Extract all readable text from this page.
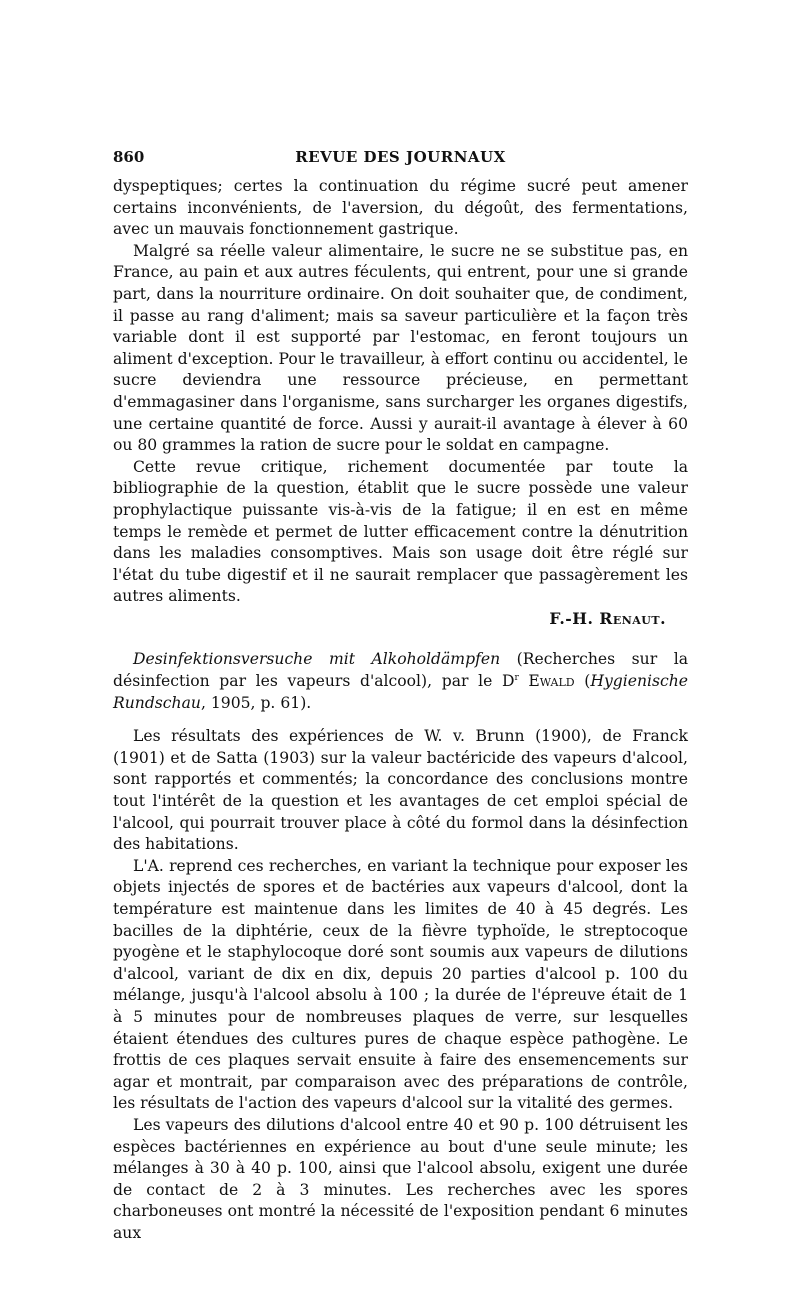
860	REVUE DES JOURNAUX

dyspeptiques; certes la continuation du régime sucré peut amener certains inconvénients, de l'aversion, du dégoût, des fermentations, avec un mauvais fonctionnement gastrique.

Malgré sa réelle valeur alimentaire, le sucre ne se substitue pas, en France, au pain et aux autres féculents, qui entrent, pour une si grande part, dans la nourriture ordinaire. On doit souhaiter que, de condiment, il passe au rang d'aliment; mais sa saveur particulière et la façon très variable dont il est supporté par l'estomac, en feront toujours un aliment d'exception. Pour le travailleur, à effort continu ou accidentel, le sucre deviendra une ressource précieuse, en permettant d'emmagasiner dans l'organisme, sans surcharger les organes digestifs, une certaine quantité de force. Aussi y aurait-il avantage à élever à 60 ou 80 grammes la ration de sucre pour le soldat en campagne.

Cette revue critique, richement documentée par toute la bibliographie de la question, établit que le sucre possède une valeur prophylactique puissante vis-à-vis de la fatigue; il en est en même temps le remède et permet de lutter efficacement contre la dénutrition dans les maladies consomptives. Mais son usage doit être réglé sur l'état du tube digestif et il ne saurait remplacer que passagèrement les autres aliments.

F.-H. Renaut.

Desinfektionsversuche mit Alkoholdämpfen (Recherches sur la désinfection par les vapeurs d'alcool), par le $D^r$ Ewald (Hygienische Rundschau, 1905, p. 61).

Les résultats des expériences de W. v. Brunn (1900), de Franck (1901) et de Satta (1903) sur la valeur bactéricide des vapeurs d'alcool, sont rapportés et commentés; la concordance des conclusions montre tout l'intérêt de la question et les avantages de cet emploi spécial de l'alcool, qui pourrait trouver place à côté du formol dans la désinfection des habitations.

L'A. reprend ces recherches, en variant la technique pour exposer les objets injectés de spores et de bactéries aux vapeurs d'alcool, dont la température est maintenue dans les limites de 40 à 45 degrés. Les bacilles de la diphtérie, ceux de la fièvre typhoïde, le streptocoque pyogène et le staphylocoque doré sont soumis aux vapeurs de dilutions d'alcool, variant de dix en dix, depuis 20 parties d'alcool p. 100 du mélange, jusqu'à l'alcool absolu à 100 ; la durée de l'épreuve était de 1 à 5 minutes pour de nombreuses plaques de verre, sur lesquelles étaient étendues des cultures pures de chaque espèce pathogène. Le frottis de ces plaques servait ensuite à faire des ensemencements sur agar et montrait, par comparaison avec des préparations de contrôle, les résultats de l'action des vapeurs d'alcool sur la vitalité des germes.

Les vapeurs des dilutions d'alcool entre 40 et 90 p. 100 détruisent les espèces bactériennes en expérience au bout d'une seule minute; les mélanges à 30 à 40 p. 100, ainsi que l'alcool absolu, exigent une durée de contact de 2 à 3 minutes. Les recherches avec les spores charboneuses ont montré la nécessité de l'exposition pendant 6 minutes aux
